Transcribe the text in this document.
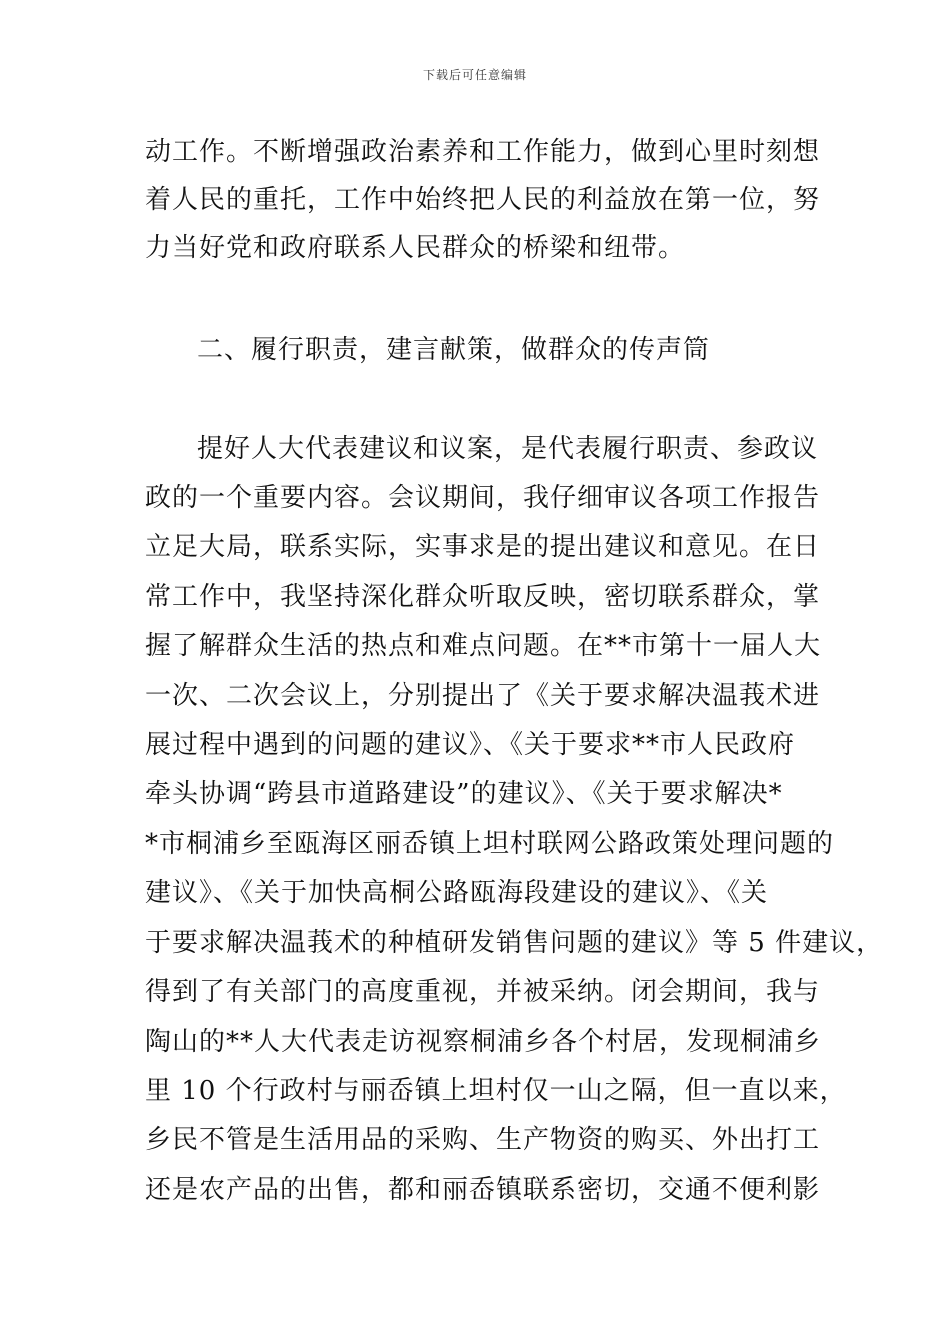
下载后可任意编辑
动工作。不断增强政治素养和工作能力，做到心里时刻想
着人民的重托，工作中始终把人民的利益放在第一位，努
力当好党和政府联系人民群众的桥梁和纽带。
二、履行职责，建言献策，做群众的传声筒
提好人大代表建议和议案，是代表履行职责、参政议
政的一个重要内容。会议期间，我仔细审议各项工作报告
立足大局，联系实际，实事求是的提出建议和意见。在日
常工作中，我坚持深化群众听取反映，密切联系群众，掌
握了解群众生活的热点和难点问题。在**市第十一届人大
一次、二次会议上，分别提出了《关于要求解决温莪术进
展过程中遇到的问题的建议》、《关于要求**市人民政府
牵头协调“跨县市道路建设”的建议》、《关于要求解决*
*市桐浦乡至瓯海区丽岙镇上坦村联网公路政策处理问题的
建议》、《关于加快高桐公路瓯海段建设的建议》、《关
于要求解决温莪术的种植研发销售问题的建议》等 5 件建议，
得到了有关部门的高度重视，并被采纳。闭会期间，我与
陶山的**人大代表走访视察桐浦乡各个村居，发现桐浦乡
里 10 个行政村与丽岙镇上坦村仅一山之隔，但一直以来，
乡民不管是生活用品的采购、生产物资的购买、外出打工
还是农产品的出售，都和丽岙镇联系密切，交通不便利影
